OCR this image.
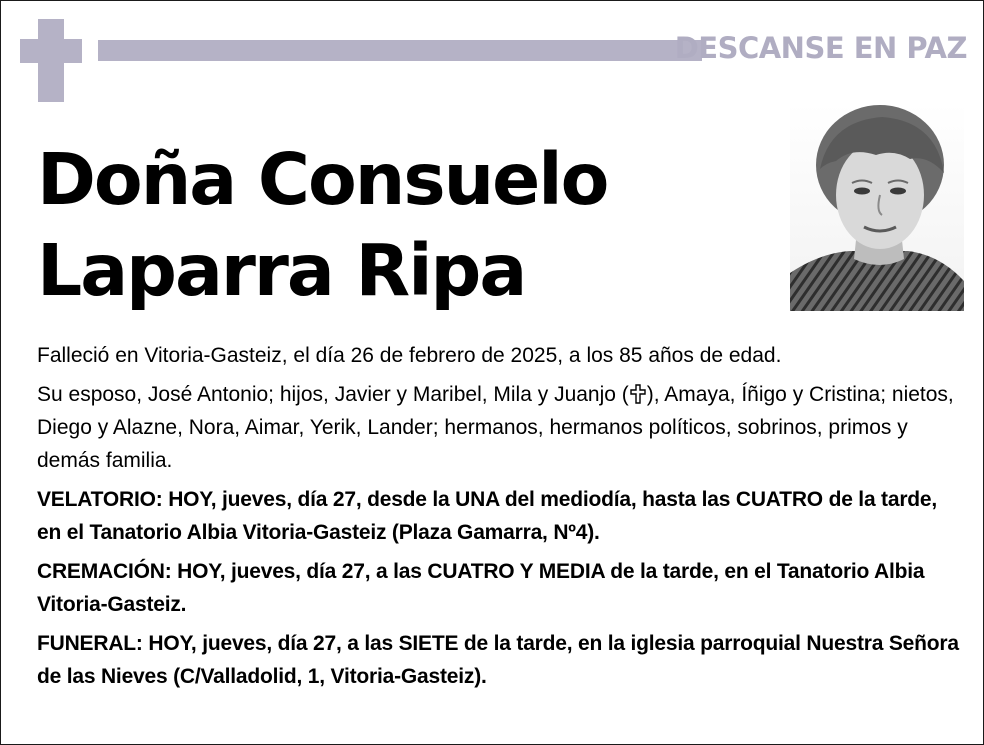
DESCANSE EN PAZ
Doña Consuelo
Laparra Ripa

Falleció en Vitoria-Gasteiz, el día 26 de febrero de 2025, a los 85 años de edad.

Su esposo, José Antonio; hijos, Javier y Maribel, Mila y Juanjo ( ), Amaya, Íñigo y Cristina; nietos, Diego y Alazne, Nora, Aimar, Yerik, Lander; hermanos, hermanos políticos, sobrinos, primos y demás familia.

VELATORIO: HOY, jueves, día 27, desde la UNA del mediodía, hasta las CUATRO de la tarde, en el Tanatorio Albia Vitoria-Gasteiz (Plaza Gamarra, Nº4).

CREMACIÓN: HOY, jueves, día 27, a las CUATRO Y MEDIA de la tarde, en el Tanatorio Albia Vitoria-Gasteiz.

FUNERAL: HOY, jueves, día 27, a las SIETE de la tarde, en la iglesia parroquial Nuestra Señora de las Nieves (C/Valladolid, 1, Vitoria-Gasteiz).
